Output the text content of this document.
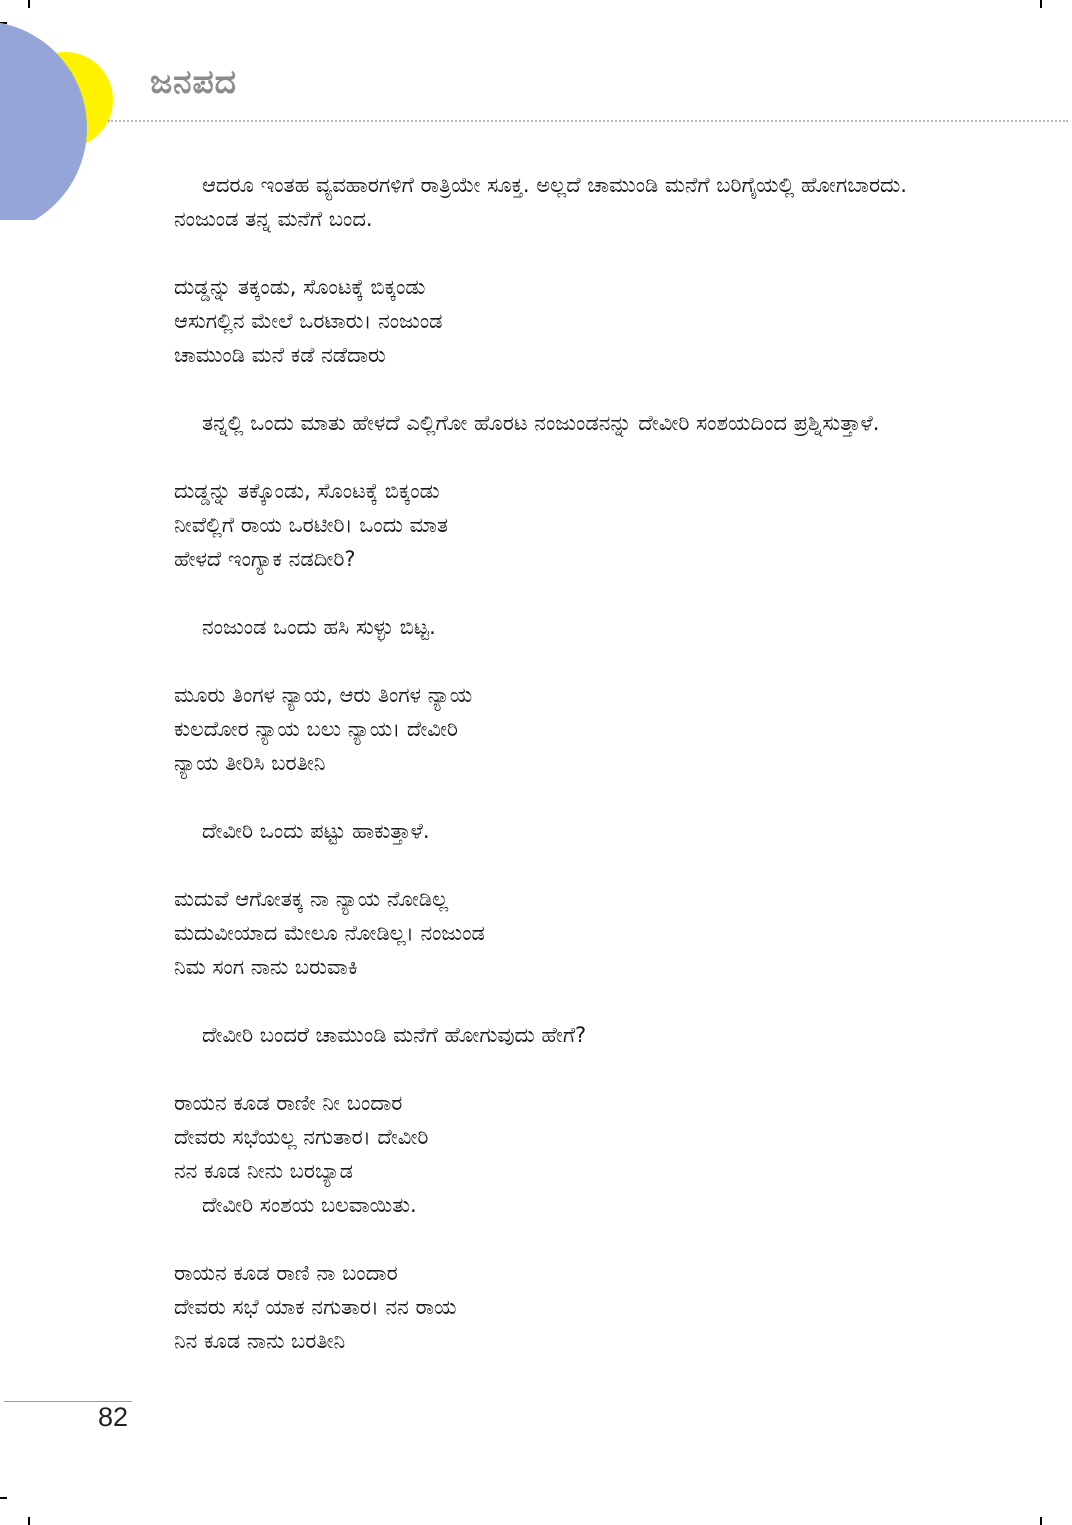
ಜನಪದ

ಆದರೂ ಇಂತಹ ವ್ಯವಹಾರಗಳಿಗೆ ರಾತ್ರಿಯೇ ಸೂಕ್ತ. ಅಲ್ಲದೆ ಚಾಮುಂಡಿ ಮನೆಗೆ ಬರಿಗೈಯಲ್ಲಿ ಹೋಗಬಾರದು. ನಂಜುಂಡ ತನ್ನ ಮನೆಗೆ ಬಂದ.

ದುಡ್ಡನ್ನು ತಕ್ಕಂಡು, ಸೊಂಟಕ್ಕೆ ಬಿಕ್ಕಂಡು
ಆಸುಗಲ್ಲಿನ ಮೇಲೆ ಒರಟಾರು। ನಂಜುಂಡ
ಚಾಮುಂಡಿ ಮನೆ ಕಡೆ ನಡೆದಾರು

ತನ್ನಲ್ಲಿ ಒಂದು ಮಾತು ಹೇಳದೆ ಎಲ್ಲಿಗೋ ಹೊರಟ ನಂಜುಂಡನನ್ನು ದೇವೀರಿ ಸಂಶಯದಿಂದ ಪ್ರಶ್ನಿಸುತ್ತಾಳೆ.

ದುಡ್ಡನ್ನು ತಕ್ಕೊಂಡು, ಸೊಂಟಕ್ಕೆ ಬಿಕ್ಕಂಡು
ನೀವೆಲ್ಲಿಗೆ ರಾಯ ಒರಟೀರಿ। ಒಂದು ಮಾತ
ಹೇಳದೆ ಇಂಗ್ಯಾಕ ನಡದೀರಿ?

ನಂಜುಂಡ ಒಂದು ಹಸಿ ಸುಳ್ಳು ಬಿಟ್ಟ.

ಮೂರು ತಿಂಗಳ ನ್ಯಾಯ, ಆರು ತಿಂಗಳ ನ್ಯಾಯ
ಕುಲದೋರ ನ್ಯಾಯ ಬಲು ನ್ಯಾಯ। ದೇವೀರಿ
ನ್ಯಾಯ ತೀರಿಸಿ ಬರತೀನಿ

ದೇವೀರಿ ಒಂದು ಪಟ್ಟು ಹಾಕುತ್ತಾಳೆ.

ಮದುವೆ ಆಗೋತಕ್ಕ ನಾ ನ್ಯಾಯ ನೋಡಿಲ್ಲ
ಮದುವೀಯಾದ ಮೇಲೂ ನೋಡಿಲ್ಲ। ನಂಜುಂಡ
ನಿಮ ಸಂಗ ನಾನು ಬರುವಾಕಿ

ದೇವೀರಿ ಬಂದರೆ ಚಾಮುಂಡಿ ಮನೆಗೆ ಹೋಗುವುದು ಹೇಗೆ?

ರಾಯನ ಕೂಡ ರಾಣೀ ನೀ ಬಂದಾರ
ದೇವರು ಸಭೆಯಲ್ಲ ನಗುತಾರ। ದೇವೀರಿ
ನನ ಕೂಡ ನೀನು ಬರಬ್ಯಾಡ

ದೇವೀರಿ ಸಂಶಯ ಬಲವಾಯಿತು.

ರಾಯನ ಕೂಡ ರಾಣಿ ನಾ ಬಂದಾರ
ದೇವರು ಸಭೆ ಯಾಕ ನಗುತಾರ। ನನ ರಾಯ
ನಿನ ಕೂಡ ನಾನು ಬರತೀನಿ
82
